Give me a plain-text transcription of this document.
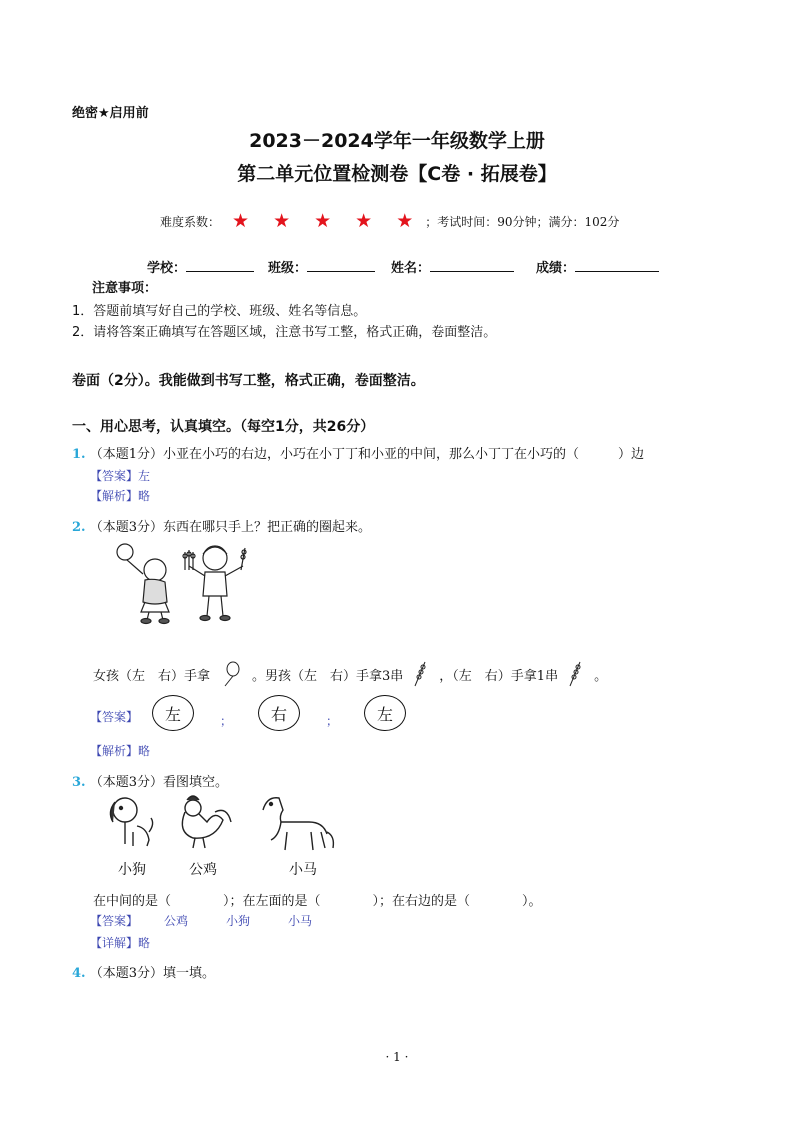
绝密★启用前
2023－2024学年一年级数学上册
第二单元位置检测卷【C卷 · 拓展卷】
难度系数： ★ ★ ★ ★ ★	；考试时间：90分钟；满分：102分
学校：	班级：	姓名：	成绩：
注意事项：
1．答题前填写好自己的学校、班级、姓名等信息。
2．请将答案正确填写在答题区域，注意书写工整，格式正确，卷面整洁。
卷面（2分）。我能做到书写工整，格式正确，卷面整洁。
一、用心思考，认真填空。（每空1分，共26分）
1. （本题1分）小亚在小巧的右边，小巧在小丁丁和小亚的中间，那么小丁丁在小巧的（　　　）边
【答案】左
【解析】略
2. （本题3分）东西在哪只手上？把正确的圈起来。
女孩（左　右）手拿	。男孩（左　右）手拿3串	，（左　右）手拿1串	。
【答案】	左	；	右	；	左
【解析】略
3. （本题3分）看图填空。
小狗	公鸡	小马
在中间的是（　　　　）；在左面的是（　　　　）；在右边的是（　　　　）。
【答案】 公鸡	小狗	小马
【详解】略
4. （本题3分）填一填。
· 1 ·
